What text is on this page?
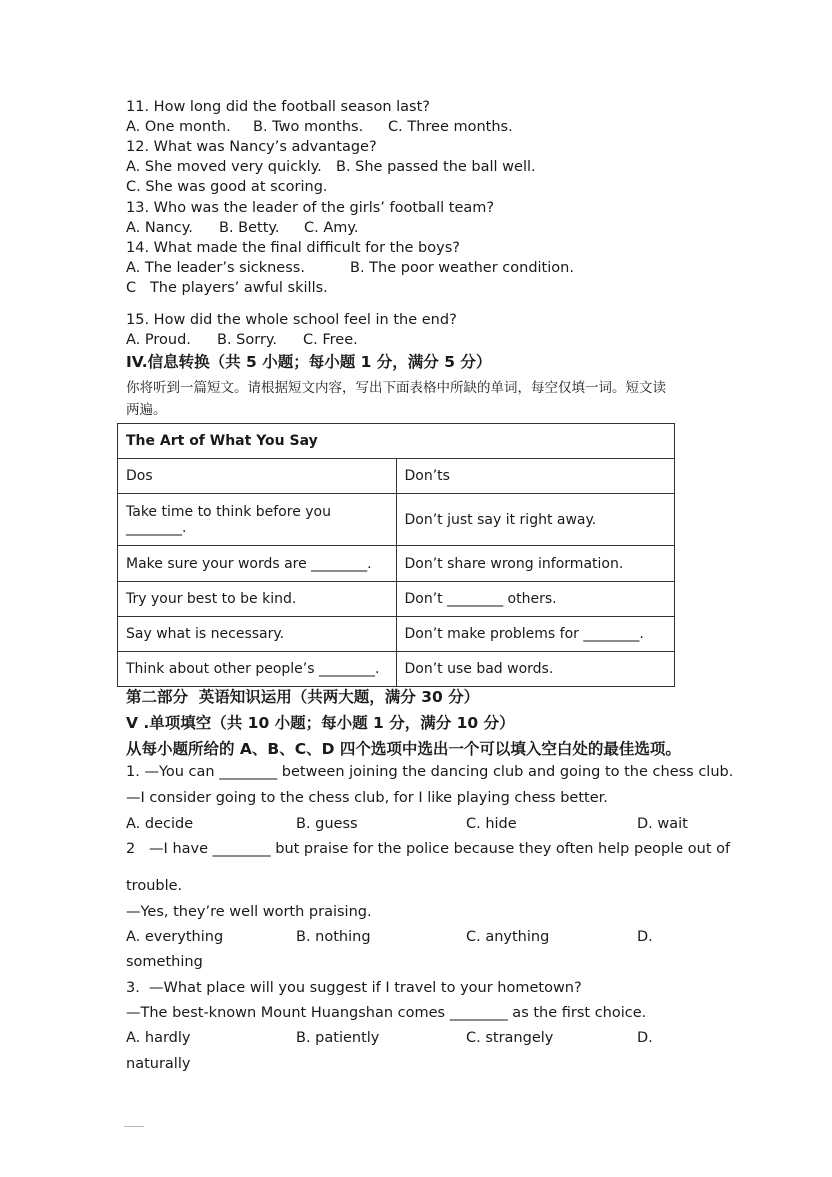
11. How long did the football season last?
A. One month. B. Two months. C. Three months.
12. What was Nancy’s advantage?
A. She moved very quickly. B. She passed the ball well.
C. She was good at scoring.
13. Who was the leader of the girls’ football team?
A. Nancy. B. Betty. C. Amy.
14. What made the final difficult for the boys?
A. The leader’s sickness.	B. The poor weather condition.
C   The players’ awful skills.
15. How did the whole school feel in the end?
A. Proud. B. Sorry. C. Free.
IV.信息转换（共 5 小题；每小题 1 分，满分 5 分）
你将听到一篇短文。请根据短文内容，写出下面表格中所缺的单词，每空仅填一词。短文读
两遍。
The Art of What You Say	
Dos	Don’ts

Take time to think before you
________.	Don’t just say it right away.
Make sure your words are ________.	Don’t share wrong information.
Try your best to be kind.	Don’t ________ others.
Say what is necessary.	Don’t make problems for ________.
Think about other people’s ________.	Don’t use bad words.
第二部分  英语知识运用（共两大题，满分 30 分）
V .单项填空（共 10 小题；每小题 1 分，满分 10 分）
从每小题所给的 A、B、C、D 四个选项中选出一个可以填入空白处的最佳选项。
1. —You can ________ between joining the dancing club and going to the chess club.
—I consider going to the chess club, for I like playing chess better.
A. decide	B. guess	C. hide	D. wait
2   —I have ________ but praise for the police because they often help people out of
trouble.
—Yes, they’re well worth praising.
A. everything	B. nothing	C. anything	D.
something
3.  —What place will you suggest if I travel to your hometown?
—The best-known Mount Huangshan comes ________ as the first choice.
A. hardly	B. patiently	C. strangely	D.
naturally
